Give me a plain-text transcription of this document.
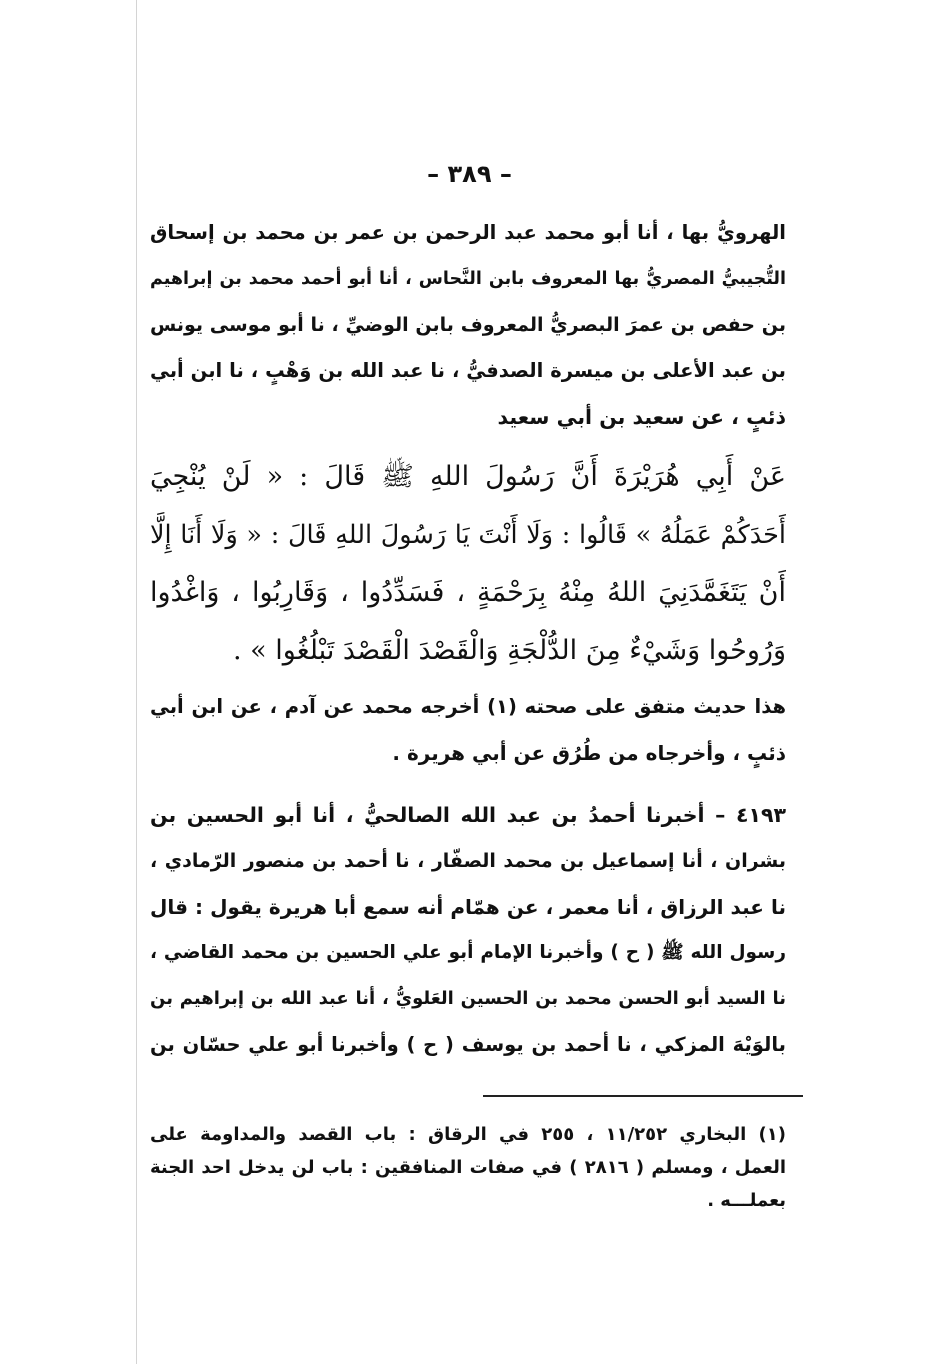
– ٣٨٩ –
الهرويُّ بها ، أنا أبو محمد عبد الرحمن بن عمر بن محمد بن إسحاق
التُّجيبيُّ المصريُّ بها المعروف بابن النَّحاس ، أنا أبو أحمد محمد بن إبراهيم
بن حفص بن عمرَ البصريُّ المعروف بابن الوضيِّ ، نا أبو موسى يونس
بن عبد الأعلى بن ميسرة الصدفيُّ ، نا عبد الله بن وَهْبٍ ، نا ابن أبي
ذئبٍ ، عن سعيد بن أبي سعيد
عَنْ أَبِي هُرَيْرَةَ أَنَّ رَسُولَ اللهِ ﷺ قَالَ : « لَنْ يُنْجِيَ
أَحَدَكُمْ عَمَلُهُ » قَالُوا : وَلَا أَنْتَ يَا رَسُولَ اللهِ قَالَ : « وَلَا أَنَا إِلَّا
أَنْ يَتَغَمَّدَنِيَ اللهُ مِنْهُ بِرَحْمَةٍ ، فَسَدِّدُوا ، وَقَارِبُوا ، وَاغْدُوا
وَرُوحُوا وَشَيْءٌ مِنَ الدُّلْجَةِ وَالْقَصْدَ الْقَصْدَ تَبْلُغُوا » .
هذا حديث متفق على صحته (١) أخرجه محمد عن آدم ، عن ابن أبي
ذئبٍ ، وأخرجاه من طُرُق عن أبي هريرة .
٤١٩٣ – أخبرنا أحمدُ بن عبد الله الصالحيُّ ، أنا أبو الحسين بن
بشران ، أنا إسماعيل بن محمد الصفّار ، نا أحمد بن منصور الرّمادي ،
نا عبد الرزاق ، أنا معمر ، عن همّام أنه سمع أبا هريرة يقول : قال
رسول الله ﷺ ( ح ) وأخبرنا الإمام أبو علي الحسين بن محمد القاضي ،
نا السيد أبو الحسن محمد بن الحسين العَلويُّ ، أنا عبد الله بن إبراهيم بن
بالوَيْهَ المزكي ، نا أحمد بن يوسف ( ح ) وأخبرنا أبو علي حسّان بن
(١) البخاري ١١/٢٥٢ ، ٢٥٥ في الرقاق : باب القصد والمداومة على
العمل ، ومسلم ( ٢٨١٦ ) في صفات المنافقين : باب لن يدخل احد الجنة
بعملـــه .
